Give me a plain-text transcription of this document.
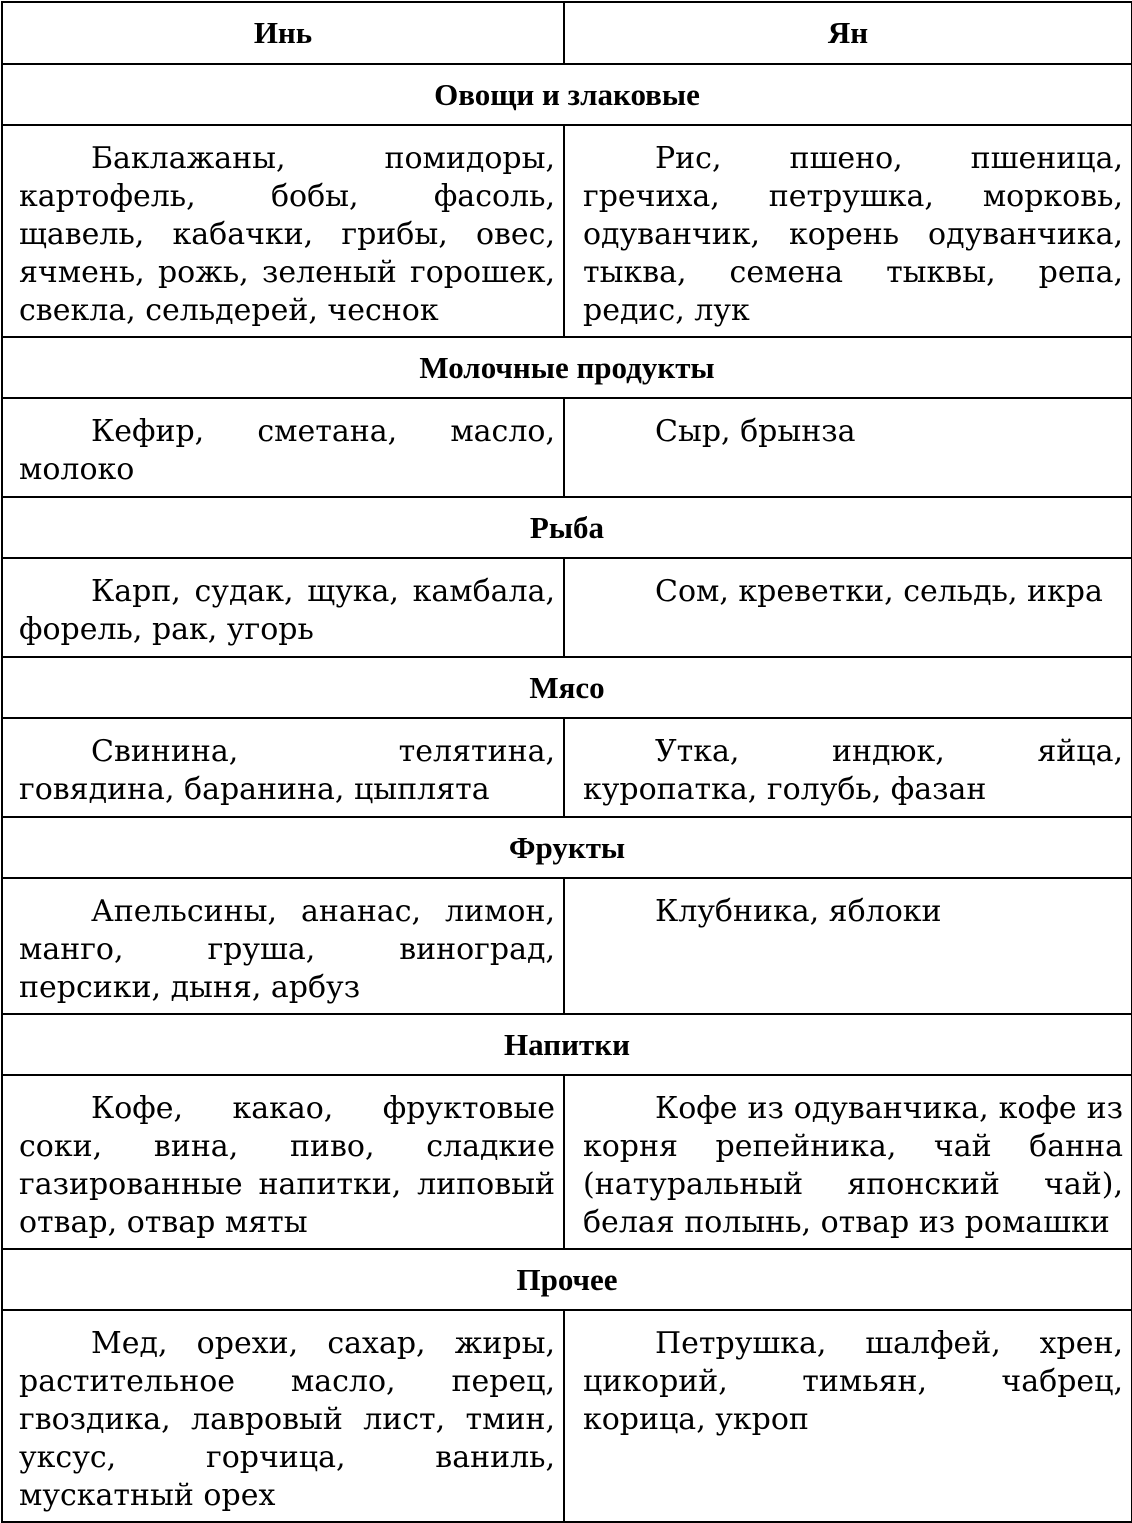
Инь	Ян
Овощи и злаковые	
Баклажаны, помидоры, картофель, бобы, фасоль, щавель, кабачки, грибы, овес, ячмень, рожь, зеленый горошек, свекла, сельдерей, чеснок	Рис, пшено, пшеница, гречиха, петрушка, морковь, одуванчик, корень одуванчика, тыква, семена тыквы, репа, редис, лук
Молочные продукты	
Кефир, сметана, масло, молоко	Сыр, брынза
Рыба	
Карп, судак, щука, камбала, форель, рак, угорь	Сом, креветки, сельдь, икра
Мясо	
Свинина, телятина, говядина, баранина, цыплята	Утка, индюк, яйца, куропатка, голубь, фазан
Фрукты	
Апельсины, ананас, лимон, манго, груша, виноград, персики, дыня, арбуз	Клубника, яблоки
Напитки	
Кофе, какао, фруктовые соки, вина, пиво, сладкие газированные напитки, липовый отвар, отвар мяты	Кофе из одуванчика, кофе из корня репейника, чай банна (натуральный японский чай), белая полынь, отвар из ромашки
Прочее	
Мед, орехи, сахар, жиры, растительное масло, перец, гвоздика, лавровый лист, тмин, уксус, горчица, ваниль, мускатный орех	Петрушка, шалфей, хрен, цикорий, тимьян, чабрец, корица, укроп
